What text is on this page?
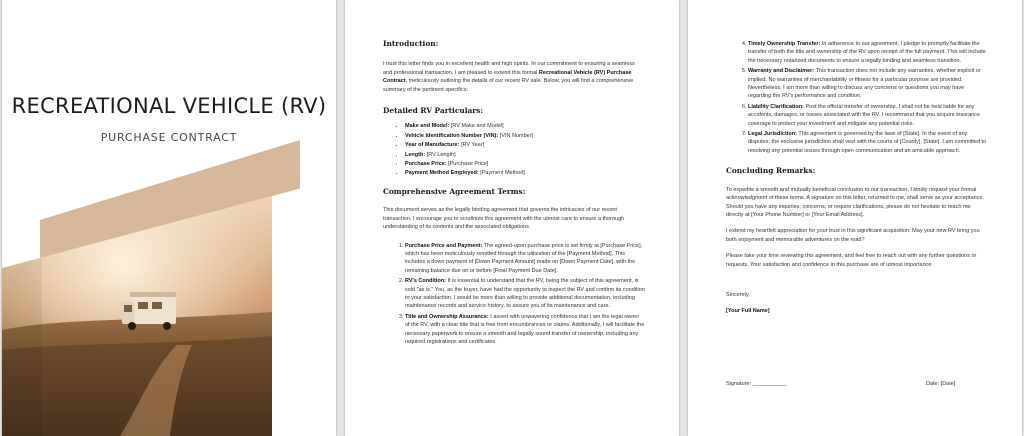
RECREATIONAL VEHICLE (RV)
PURCHASE CONTRACT

Introduction:

I trust this letter finds you in excellent health and high spirits. In our commitment to ensuring a seamless and professional transaction, I am pleased to extend this formal Recreational Vehicle (RV) Purchase Contract, meticulously outlining the details of our recent RV sale. Below, you will find a comprehensive summary of the pertinent specifics:

Detailed RV Particulars:

• Make and Model: [RV Make and Model]
• Vehicle Identification Number (VIN): [VIN Number]
• Year of Manufacture: [RV Year]
• Length: [RV Length]
• Purchase Price: [Purchase Price]
• Payment Method Employed: [Payment Method]

Comprehensive Agreement Terms:

This document serves as the legally binding agreement that governs the intricacies of our recent transaction. I encourage you to scrutinize this agreement with the utmost care to ensure a thorough understanding of its contents and the associated obligations.

1. Purchase Price and Payment: The agreed-upon purchase price is set firmly at [Purchase Price], which has been meticulously remitted through the utilization of the [Payment Method]. This includes a down payment of [Down Payment Amount] made on [Down Payment Date], with the remaining balance due on or before [Final Payment Due Date].
2. RV's Condition: It is essential to understand that the RV, being the subject of this agreement, is sold "as is." You, as the buyer, have had the opportunity to inspect the RV and confirm its condition to your satisfaction. I would be more than willing to provide additional documentation, including maintenance records and service history, to assure you of its maintenance and care.
3. Title and Ownership Assurance: I assert with unwavering confidence that I am the legal owner of the RV, with a clear title that is free from encumbrances or claims. Additionally, I will facilitate the necessary paperwork to ensure a smooth and legally sound transfer of ownership, including any required registrations and certificates.
4. Timely Ownership Transfer: In adherence to our agreement, I pledge to promptly facilitate the transfer of both the title and ownership of the RV upon receipt of the full payment. This will include the necessary notarized documents to ensure a legally binding and seamless transition.
5. Warranty and Disclaimer: This transaction does not include any warranties, whether explicit or implied. No warranties of merchantability or fitness for a particular purpose are provided. Nevertheless, I am more than willing to discuss any concerns or questions you may have regarding the RV's performance and condition.
6. Liability Clarification: Post the official transfer of ownership, I shall not be held liable for any accidents, damages, or losses associated with the RV. I recommend that you acquire insurance coverage to protect your investment and mitigate any potential risks.
7. Legal Jurisdiction: This agreement is governed by the laws of [State]. In the event of any disputes, the exclusive jurisdiction shall vest with the courts of [County], [State]. I am committed to resolving any potential issues through open communication and an amicable approach.

Concluding Remarks:

To expedite a smooth and mutually beneficial conclusion to our transaction, I kindly request your formal acknowledgment of these terms. A signature on this letter, returned to me, shall serve as your acceptance. Should you have any inquiries, concerns, or require clarifications, please do not hesitate to reach me directly at [Your Phone Number] or [Your Email Address].

I extend my heartfelt appreciation for your trust in this significant acquisition. May your new RV bring you both enjoyment and memorable adventures on the road?

Please take your time reviewing this agreement, and feel free to reach out with any further questions or requests. Your satisfaction and confidence in this purchase are of utmost importance.

Sincerely,

[Your Full Name]

Signature: ___________	Date: [Date]
